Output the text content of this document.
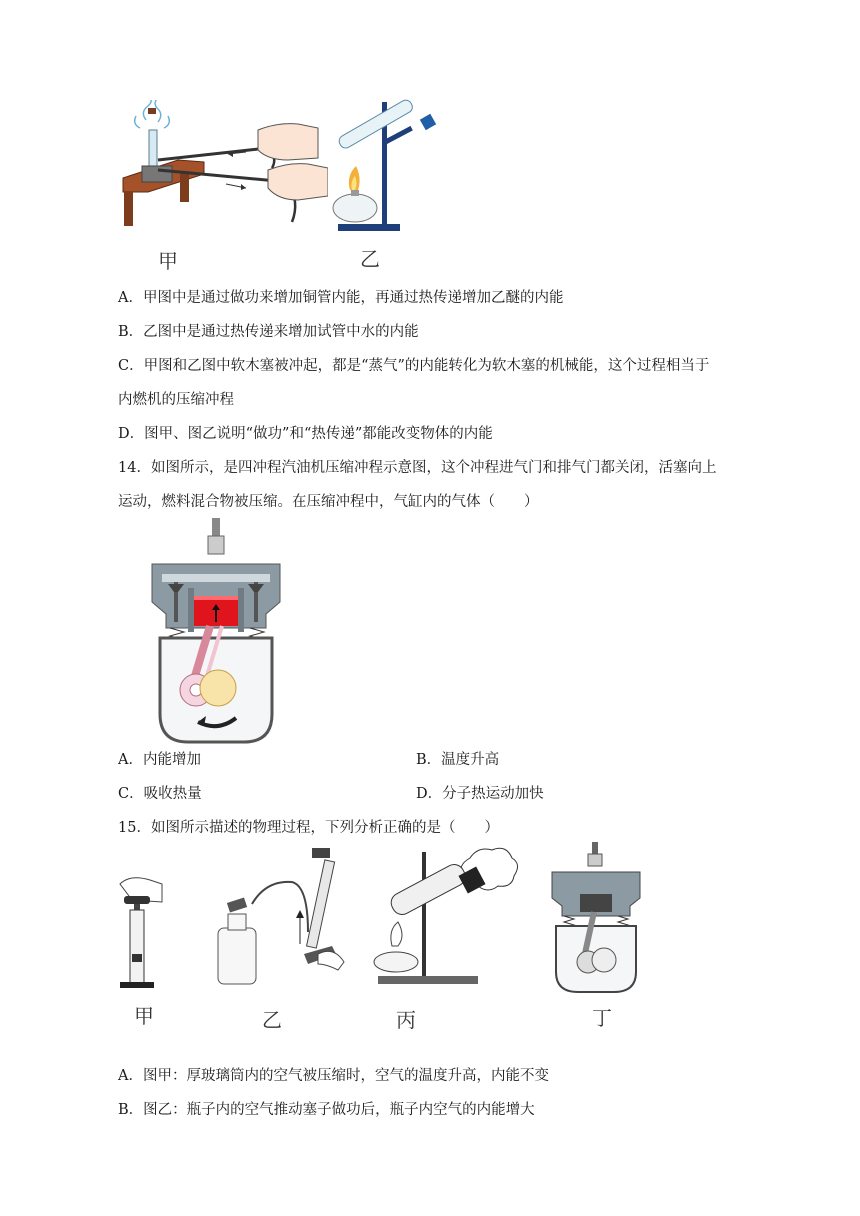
甲	乙
A．甲图中是通过做功来增加铜管内能，再通过热传递增加乙醚的内能
B．乙图中是通过热传递来增加试管中水的内能
C．甲图和乙图中软木塞被冲起，都是“蒸气”的内能转化为软木塞的机械能，这个过程相当于
内燃机的压缩冲程
D．图甲、图乙说明“做功”和“热传递”都能改变物体的内能
14．如图所示，是四冲程汽油机压缩冲程示意图，这个冲程进气门和排气门都关闭，活塞向上
运动，燃料混合物被压缩。在压缩冲程中，气缸内的气体（　　）
A．内能增加	B．温度升高
C．吸收热量	D．分子热运动加快
15．如图所示描述的物理过程，下列分析正确的是（　　）
甲	乙	丙	丁
A．图甲：厚玻璃筒内的空气被压缩时，空气的温度升高，内能不变
B．图乙：瓶子内的空气推动塞子做功后，瓶子内空气的内能增大
